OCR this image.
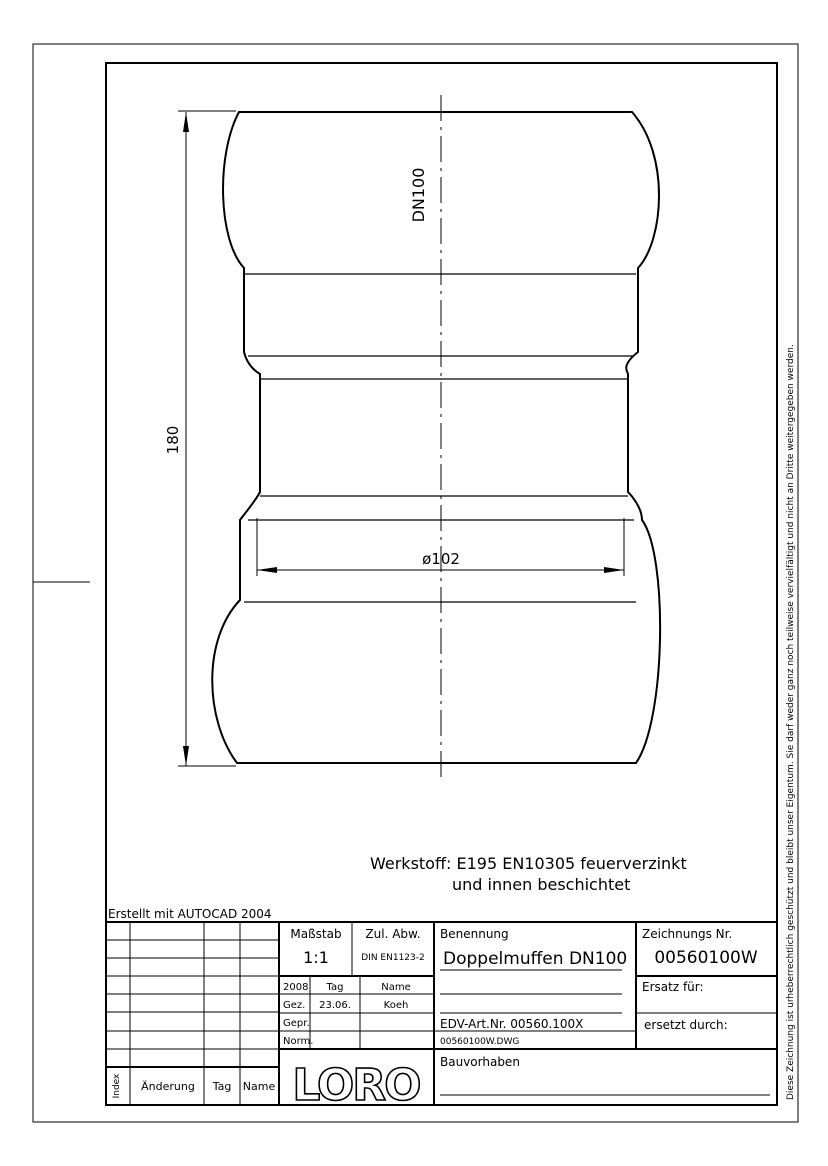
180
ø102
DN100
Werkstoff: E195 EN10305 feuerverzinkt
und innen beschichtet
Erstellt mit AUTOCAD 2004	Diese Zeichnung ist urheberrechtlich geschützt und bleibt unser Eigentum. Sie darf weder ganz noch teilweise vervielfältigt und nicht an Dritte weitergegeben werden.
Index Änderung Tag Name
Maßstab
1:1
Zul. Abw.
DIN EN1123-2
2008 Tag	Name
Gez. 23.06.	Koeh
Gepr.
Norm.
Benennung
Doppelmuffen DN100
EDV-Art.Nr. 00560.100X
00560100W.DWG
Bauvorhaben
Zeichnungs Nr.
00560100W
Ersatz für:
ersetzt durch:
LORO
